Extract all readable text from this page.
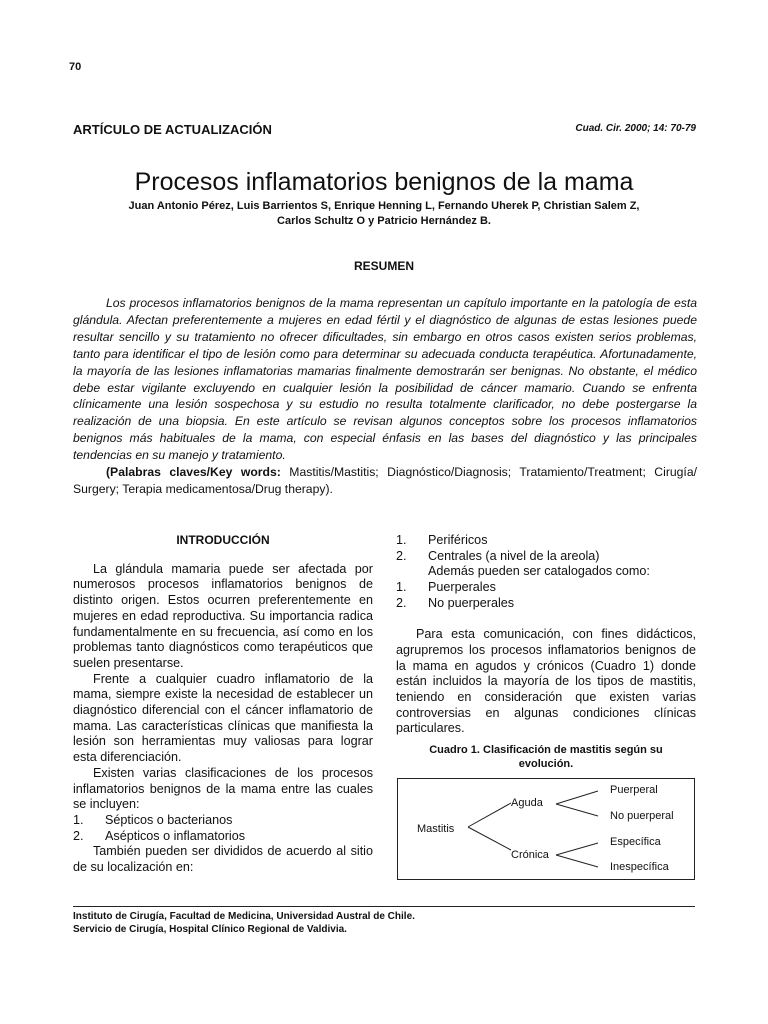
70
ARTÍCULO DE ACTUALIZACIÓN	Cuad. Cir. 2000; 14: 70-79
Procesos inflamatorios benignos de la mama
Juan Antonio Pérez, Luis Barrientos S, Enrique Henning L, Fernando Uherek P, Christian Salem Z,
Carlos Schultz O y Patricio Hernández B.
RESUMEN

Los procesos inflamatorios benignos de la mama representan un capítulo importante en la patología de esta glándula. Afectan preferentemente a mujeres en edad fértil y el diagnóstico de algunas de estas lesiones puede resultar sencillo y su tratamiento no ofrecer dificultades, sin embargo en otros casos existen serios problemas, tanto para identificar el tipo de lesión como para determinar su adecuada conducta terapéutica. Afortunadamente, la mayoría de las lesiones inflamatorias mamarias finalmente demostrarán ser benignas. No obstante, el médico debe estar vigilante excluyendo en cualquier lesión la posibilidad de cáncer mamario. Cuando se enfrenta clínicamente una lesión sospechosa y su estudio no resulta totalmente clarificador, no debe postergarse la realización de una biopsia. En este artículo se revisan algunos conceptos sobre los procesos inflamatorios benignos más habituales de la mama, con especial énfasis en las bases del diagnóstico y las principales tendencias en su manejo y tratamiento.

(Palabras claves/Key words: Mastitis/Mastitis; Diagnóstico/Diagnosis; Tratamiento/Treatment; Cirugía/ Surgery; Terapia medicamentosa/Drug therapy).

INTRODUCCIÓN

La glándula mamaria puede ser afectada por numerosos procesos inflamatorios benignos de distinto origen. Estos ocurren preferentemente en mujeres en edad reproductiva. Su importancia radica fundamentalmente en su frecuencia, así como en los problemas tanto diagnósticos como terapéuticos que suelen presentarse.

Frente a cualquier cuadro inflamatorio de la mama, siempre existe la necesidad de establecer un diagnóstico diferencial con el cáncer inflamatorio de mama. Las características clínicas que manifiesta la lesión son herramientas muy valiosas para lograr esta diferenciación.

Existen varias clasificaciones de los procesos inflamatorios benignos de la mama entre las cuales se incluyen:

1.	Sépticos o bacterianos
2.	Asépticos o inflamatorios

También pueden ser divididos de acuerdo al sitio de su localización en:

1.	Periféricos
2.	Centrales (a nivel de la areola)
Además pueden ser catalogados como:
1.	Puerperales
2.	No puerperales

Para esta comunicación, con fines didácticos, agrupremos los procesos inflamatorios benignos de la mama en agudos y crónicos (Cuadro 1) donde están incluidos la mayoría de los tipos de mastitis, teniendo en consideración que existen varias controversias en algunas condiciones clínicas particulares.

Cuadro 1. Clasificación de mastitis según su
evolución.
Mastitis
Aguda
Crónica
Puerperal
No puerperal
Específica
Inespecífica
Instituto de Cirugía, Facultad de Medicina, Universidad Austral de Chile.
Servicio de Cirugía, Hospital Clínico Regional de Valdivia.
